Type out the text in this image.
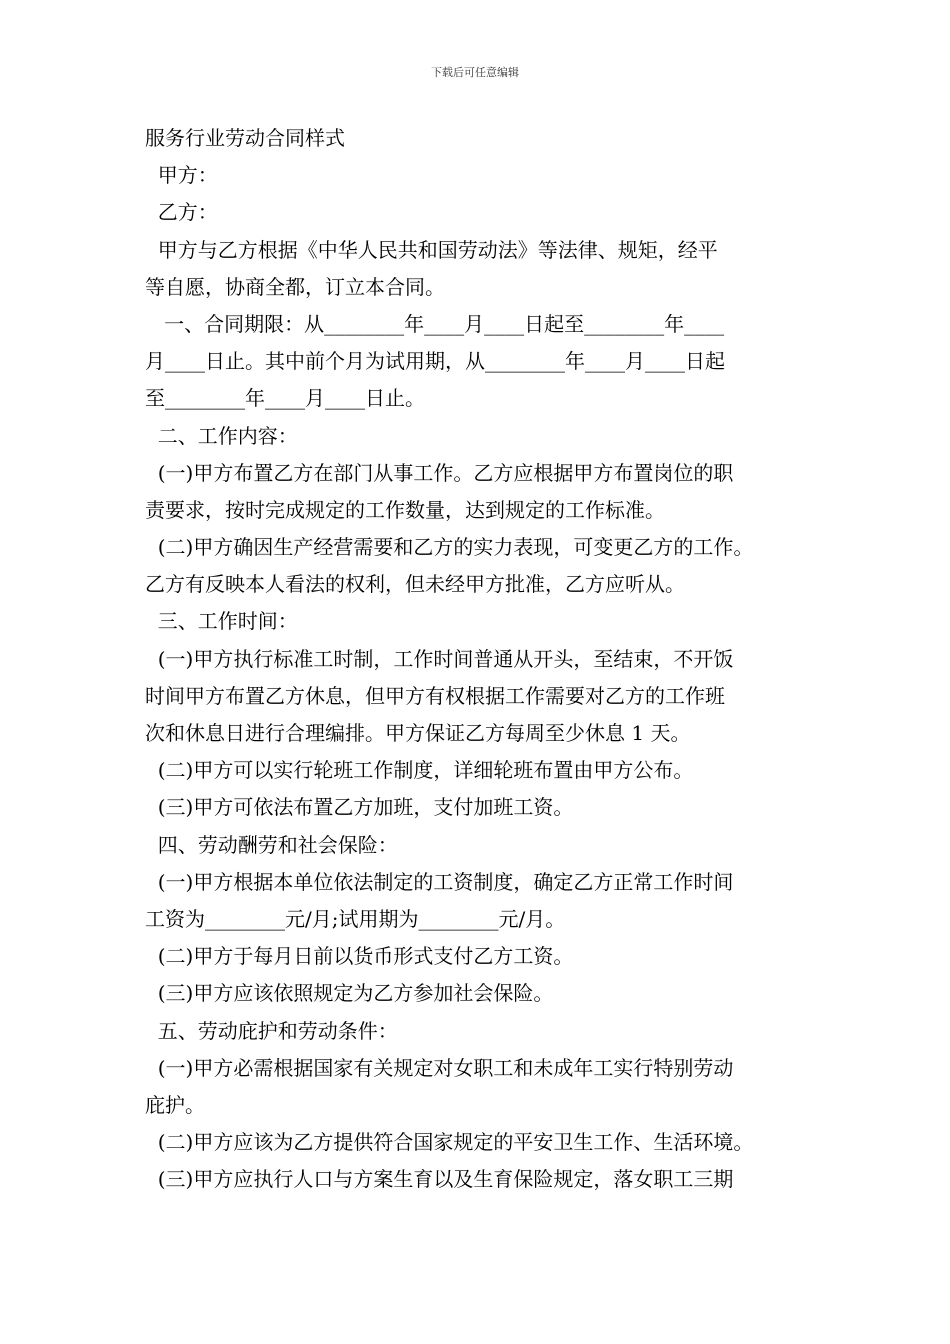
下载后可任意编辑
服务行业劳动合同样式
甲方：
乙方：
甲方与乙方根据《中华人民共和国劳动法》等法律、规矩，经平
等自愿，协商全都，订立本合同。
一、合同期限：从________年____月____日起至________年____
月____日止。其中前个月为试用期，从________年____月____日起
至________年____月____日止。
二、工作内容：
(一)甲方布置乙方在部门从事工作。乙方应根据甲方布置岗位的职
责要求，按时完成规定的工作数量，达到规定的工作标准。
(二)甲方确因生产经营需要和乙方的实力表现，可变更乙方的工作。
乙方有反映本人看法的权利，但未经甲方批准，乙方应听从。
三、工作时间：
(一)甲方执行标准工时制，工作时间普通从开头，至结束，不开饭
时间甲方布置乙方休息，但甲方有权根据工作需要对乙方的工作班
次和休息日进行合理编排。甲方保证乙方每周至少休息 1 天。
(二)甲方可以实行轮班工作制度，详细轮班布置由甲方公布。
(三)甲方可依法布置乙方加班，支付加班工资。
四、劳动酬劳和社会保险：
(一)甲方根据本单位依法制定的工资制度，确定乙方正常工作时间
工资为________元/月;试用期为________元/月。
(二)甲方于每月日前以货币形式支付乙方工资。
(三)甲方应该依照规定为乙方参加社会保险。
五、劳动庇护和劳动条件：
(一)甲方必需根据国家有关规定对女职工和未成年工实行特别劳动
庇护。
(二)甲方应该为乙方提供符合国家规定的平安卫生工作、生活环境。
(三)甲方应执行人口与方案生育以及生育保险规定，落女职工三期
